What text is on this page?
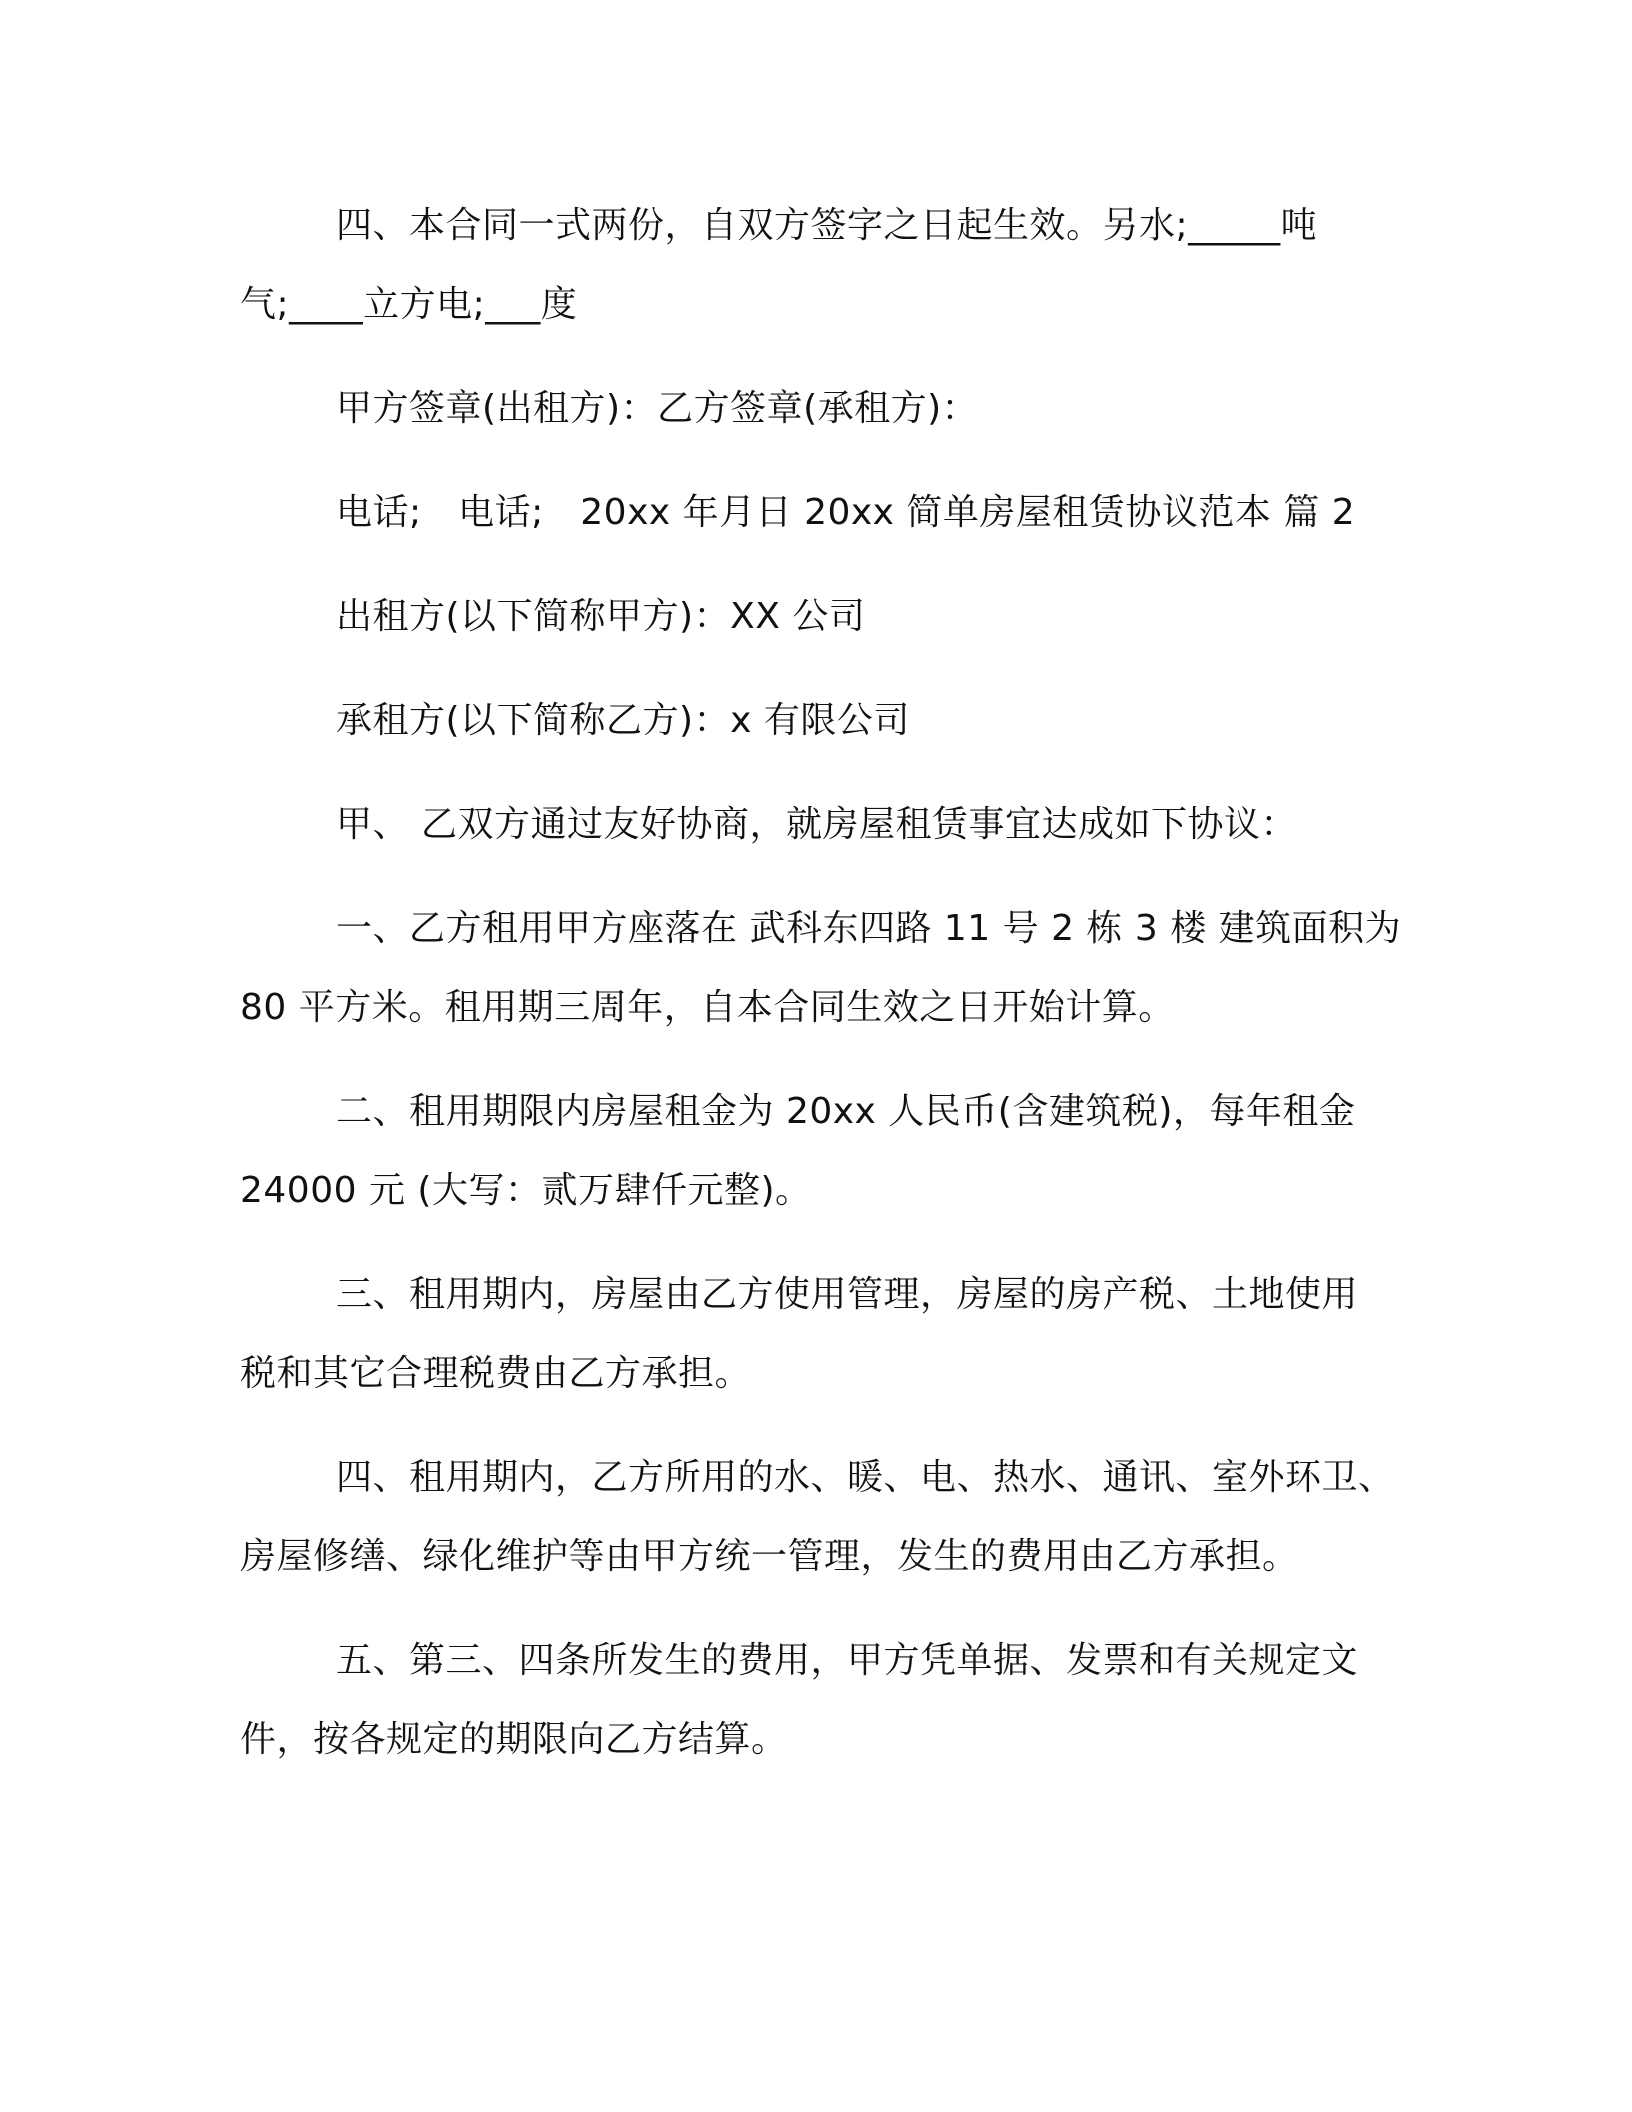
四、本合同一式两份，自双方签字之日起生效。另水;_____吨
气;____立方电;___度

甲方签章(出租方)：乙方签章(承租方)：

电话;　电话;　20xx 年月日 20xx 简单房屋租赁协议范本 篇 2

出租方(以下简称甲方)：XX 公司

承租方(以下简称乙方)：x 有限公司

甲、 乙双方通过友好协商，就房屋租赁事宜达成如下协议：

一、乙方租用甲方座落在 武科东四路 11 号 2 栋 3 楼 建筑面积为
80 平方米。租用期三周年，自本合同生效之日开始计算。

二、租用期限内房屋租金为 20xx 人民币(含建筑税)，每年租金
24000 元 (大写：贰万肆仟元整)。

三、租用期内，房屋由乙方使用管理，房屋的房产税、土地使用
税和其它合理税费由乙方承担。

四、租用期内，乙方所用的水、暖、电、热水、通讯、室外环卫、
房屋修缮、绿化维护等由甲方统一管理，发生的费用由乙方承担。

五、第三、四条所发生的费用，甲方凭单据、发票和有关规定文
件，按各规定的期限向乙方结算。
